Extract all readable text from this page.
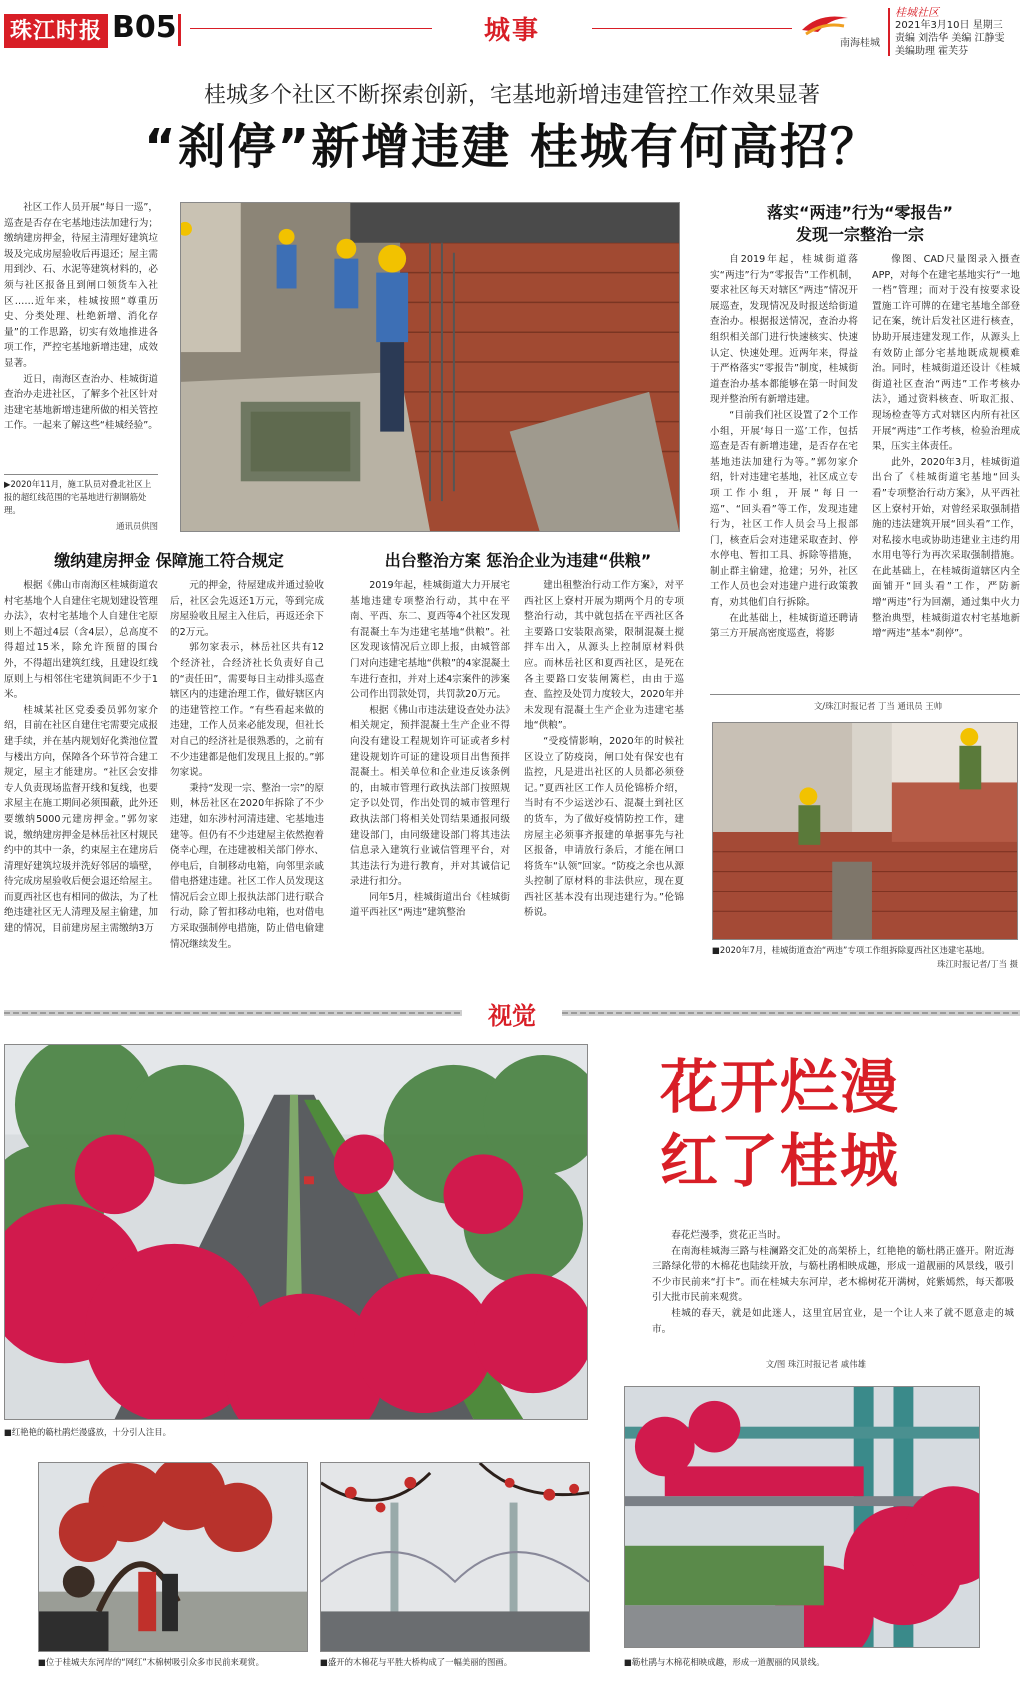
珠江时报 B05	城事	南海桂城
桂城社区
2021年3月10日 星期三
责编 刘浩华 美编 江静雯
美编助理 霍芙芬
桂城多个社区不断探索创新，宅基地新增违建管控工作效果显著
“刹停”新增违建 桂城有何高招？

社区工作人员开展“每日一巡”，巡查是否存在宅基地违法加建行为；缴纳建房押金，待屋主清理好建筑垃圾及完成房屋验收后再退还；屋主需用到沙、石、水泥等建筑材料的，必须与社区报备且到闸口领货车入社区……近年来，桂城按照“尊重历史、分类处理、杜绝新增、消化存量”的工作思路，切实有效地推进各项工作，严控宅基地新增违建，成效显著。

近日，南海区查治办、桂城街道查治办走进社区，了解多个社区针对违建宅基地新增违建所做的相关管控工作。一起来了解这些“桂城经验”。

▶2020年11月，施工队员对叠北社区上报的超红线范围的宅基地进行割钢筋处理。
通讯员供图
落实“两违”行为“零报告”
发现一宗整治一宗

自2019年起，桂城街道落实“两违”行为“零报告”工作机制，要求社区每天对辖区“两违”情况开展巡查，发现情况及时报送给街道查治办。根据报送情况，查治办将组织相关部门进行快速核实、快速认定、快速处理。近两年来，得益于严格落实“零报告”制度，桂城街道查治办基本都能够在第一时间发现并整治所有新增违建。

“目前我们社区设置了2个工作小组，开展‘每日一巡’工作，包括巡查是否有新增违建，是否存在宅基地违法加建行为等。”郭勿家介绍，针对违建宅基地，社区成立专项工作小组，开展“每日一巡”、“回头看”等工作，发现违建行为，社区工作人员会马上报部门，核查后会对违建采取查封、停水停电、暂扣工具、拆除等措施，制止群主偷建，抢建；另外，社区工作人员也会对违建户进行政策教育，劝其他们自行拆除。

在此基础上，桂城街道还聘请第三方开展高密度巡查，将影

像图、CAD尺量图录入摄查APP，对每个在建宅基地实行“一地一档”管理；而对于没有按要求设置施工许可牌的在建宅基地全部登记在案，统计后发社区进行核查，协助开展违建发现工作，从源头上有效防止部分宅基地既成规模难治。同时，桂城街道还设计《桂城街道社区查治“两违”工作考核办法》，通过资料核查、听取汇报、现场检查等方式对辖区内所有社区开展“两违”工作考核，检验治理成果，压实主体责任。

此外，2020年3月，桂城街道出台了《桂城街道宅基地“回头看”专项整治行动方案》，从平西社区上寮村开始，对曾经采取强制措施的违法建筑开展“回头看”工作，对私接水电或协助违建业主违约用水用电等行为再次采取强制措施。在此基础上，在桂城街道辖区内全面铺开“回头看”工作，严防新增“两违”行为回潮，通过集中火力整治典型，桂城街道农村宅基地新增“两违”基本“刹停”。

文/珠江时报记者 丁当 通讯员 王帅
■2020年7月，桂城街道查治“两违”专项工作组拆除夏西社区违建宅基地。
珠江时报记者/丁当 摄
缴纳建房押金 保障施工符合规定

根据《佛山市南海区桂城街道农村宅基地个人自建住宅规划建设管理办法》，农村宅基地个人自建住宅原则上不超过4层（含4层），总高度不得超过15米，除允许预留的围台外，不得超出建筑红线，且建设红线原则上与相邻住宅建筑间距不少于1米。

桂城某社区党委委员郭勿家介绍，目前在社区自建住宅需要完成报建手续，并在基内规划好化粪池位置与楼出方向，保障各个环节符合建工规定，屋主才能建房。“社区会安排专人负责现场监督开线和复线，也要求屋主在施工期间必须围蔽，此外还要缴纳5000元建房押金。”郭勿家说，缴纳建房押金是林岳社区村规民约中的其中一条，约束屋主在建房后清理好建筑垃圾并洗好邻居的墙壁，待完成房屋验收后便会退还给屋主。而夏西社区也有相同的做法，为了杜绝违建社区无人清理及屋主偷建，加建的情况，目前建房屋主需缴纳3万

元的押金，待屋建成并通过验收后，社区会先返还1万元，等到完成房屋验收且屋主入住后，再返还余下的2万元。

郭勿家表示，林岳社区共有12个经济社，合经济社长负责好自己的“责任田”，需要每日主动排头巡查辖区内的违建治理工作，做好辖区内的违建管控工作。“有些看起来做的违建，工作人员来必能发现，但社长对自己的经济社是很熟悉的，之前有不少违建都是他们发现且上报的。”郭勿家说。

秉持“发现一宗、整治一宗”的原则，林岳社区在2020年拆除了不少违建，如东涉村河清违建、宅基地违建等。但仍有不少违建屋主依然抱着侥幸心理，在违建被相关部门停水、停电后，自制移动电箱，向邻里亲戚借电搭建违建。社区工作人员发现这情况后会立即上报执法部门进行联合行动，除了暂扣移动电箱，也对借电方采取强制停电措施，防止借电偷建情况继续发生。

出台整治方案 惩治企业为违建“供粮”

2019年起，桂城街道大力开展宅基地违建专项整治行动，其中在平南、平西、东二、夏西等4个社区发现有混凝土车为违建宅基地“供粮”。社区发现该情况后立即上报，由城管部门对向违建宅基地“供粮”的4家混凝土车进行查扣，并对上述4宗案件的涉案公司作出罚款处罚，共罚款20万元。

根据《佛山市违法建设查处办法》相关规定，预拌混凝土生产企业不得向没有建设工程规划许可证或者乡村建设规划许可证的建设项目出售预拌混凝土。相关单位和企业违反该条例的，由城市管理行政执法部门按照规定予以处罚，作出处罚的城市管理行政执法部门将相关处罚结果通报同级建设部门，由同级建设部门将其违法信息录入建筑行业诚信管理平台，对其违法行为进行教育，并对其诚信记录进行扣分。

同年5月，桂城街道出台《桂城街道平西社区“两违”建筑整治

建出租整治行动工作方案》，对平西社区上寮村开展为期两个月的专项整治行动，其中就包括在平西社区各主要路口安装限高梁，限制混凝土搅拌车出入，从源头上控制原材料供应。而林岳社区和夏西社区，是死在各主要路口安装闸篱栏，由由于巡查、监控及处罚力度较大，2020年并未发现有混凝土生产企业为违建宅基地“供粮”。

“受疫情影响，2020年的时候社区设立了防疫岗，闸口处有保安也有监控，凡是进出社区的人员都必须登记。”夏西社区工作人员伦锦桥介绍，当时有不少运送沙石、混凝土到社区的货车，为了做好疫情防控工作，建房屋主必须事齐报建的单据事先与社区报备，申请放行条后，才能在闸口将货车“认领”回家。“防疫之余也从源头控制了原材料的非法供应，现在夏西社区基本没有出现违建行为。”伦锦桥说。

视觉
■红艳艳的簕杜鹃烂漫盛放，十分引人注目。
花开烂漫
红了桂城

春花烂漫季，赏花正当时。

在南海桂城海三路与桂澜路交汇处的高架桥上，红艳艳的簕杜鹃正盛开。附近海三路绿化带的木棉花也陆续开放，与簕杜鹃相映成趣，形成一道靓丽的风景线，吸引不少市民前来“打卡”。而在桂城夫东河岸，老木棉树花开满树，姹紫嫣然，每天都吸引大批市民前来观赏。

桂城的春天，就是如此迷人，这里宜居宜业，是一个让人来了就不愿意走的城市。

文/图 珠江时报记者 戚伟雄
■位于桂城夫东河岸的“网红”木棉树吸引众多市民前来观赏。	■盛开的木棉花与平胜大桥构成了一幅美丽的图画。	■簕杜鹃与木棉花相映成趣，形成一道靓丽的风景线。
